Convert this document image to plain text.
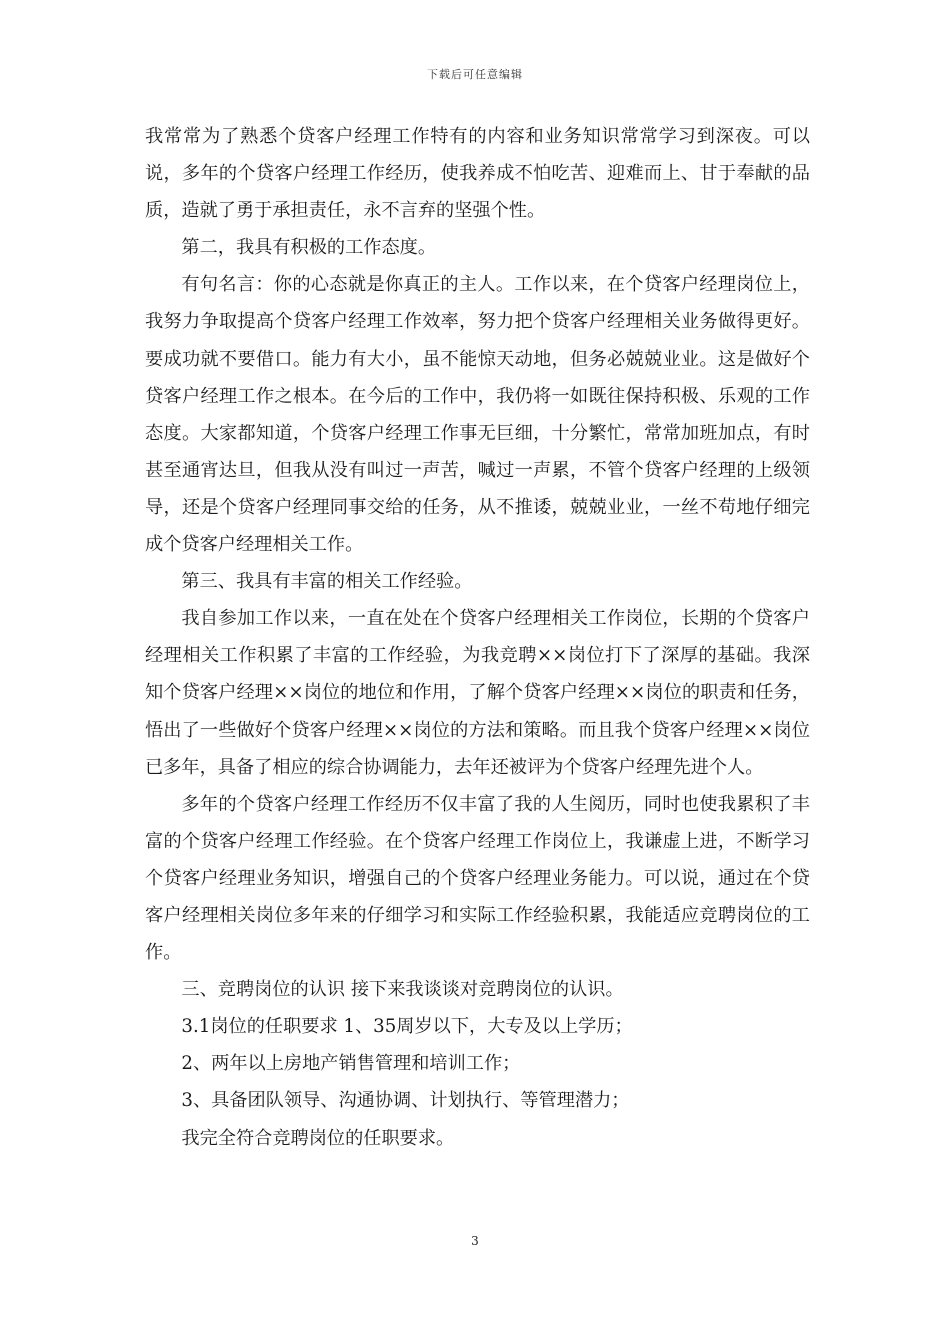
下载后可任意编辑

我常常为了熟悉个贷客户经理工作特有的内容和业务知识常常学习到深夜。可以说，多年的个贷客户经理工作经历，使我养成不怕吃苦、迎难而上、甘于奉献的品质，造就了勇于承担责任，永不言弃的坚强个性。

第二，我具有积极的工作态度。

有句名言：你的心态就是你真正的主人。工作以来，在个贷客户经理岗位上，我努力争取提高个贷客户经理工作效率，努力把个贷客户经理相关业务做得更好。要成功就不要借口。能力有大小，虽不能惊天动地，但务必兢兢业业。这是做好个贷客户经理工作之根本。在今后的工作中，我仍将一如既往保持积极、乐观的工作态度。大家都知道，个贷客户经理工作事无巨细，十分繁忙，常常加班加点，有时甚至通宵达旦，但我从没有叫过一声苦，喊过一声累，不管个贷客户经理的上级领导，还是个贷客户经理同事交给的任务，从不推诿，兢兢业业，一丝不苟地仔细完成个贷客户经理相关工作。

第三、我具有丰富的相关工作经验。

我自参加工作以来，一直在处在个贷客户经理相关工作岗位，长期的个贷客户经理相关工作积累了丰富的工作经验，为我竞聘××岗位打下了深厚的基础。我深知个贷客户经理××岗位的地位和作用，了解个贷客户经理××岗位的职责和任务，悟出了一些做好个贷客户经理××岗位的方法和策略。而且我个贷客户经理××岗位已多年，具备了相应的综合协调能力，去年还被评为个贷客户经理先进个人。

多年的个贷客户经理工作经历不仅丰富了我的人生阅历，同时也使我累积了丰富的个贷客户经理工作经验。在个贷客户经理工作岗位上，我谦虚上进，不断学习个贷客户经理业务知识，增强自己的个贷客户经理业务能力。可以说，通过在个贷客户经理相关岗位多年来的仔细学习和实际工作经验积累，我能适应竞聘岗位的工作。

三、竞聘岗位的认识 接下来我谈谈对竞聘岗位的认识。

3.1岗位的任职要求 1、35周岁以下，大专及以上学历；

2、两年以上房地产销售管理和培训工作；

3、具备团队领导、沟通协调、计划执行、等管理潜力；

我完全符合竞聘岗位的任职要求。

3
